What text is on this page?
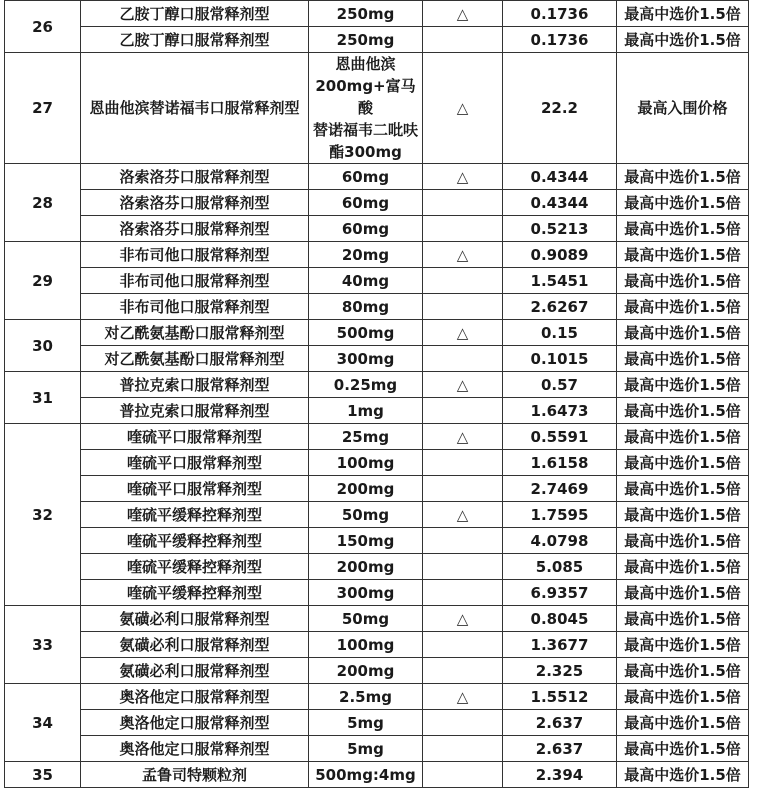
26	乙胺丁醇口服常释剂型	250mg	△	0.1736	最高中选价1.5倍
	乙胺丁醇口服常释剂型	250mg		0.1736	最高中选价1.5倍
27	恩曲他滨替诺福韦口服常释剂型	恩曲他滨
200mg+富马酸
替诺福韦二吡呋
酯300mg	△	22.2	最高入围价格
28	洛索洛芬口服常释剂型	60mg	△	0.4344	最高中选价1.5倍
	洛索洛芬口服常释剂型	60mg		0.4344	最高中选价1.5倍
	洛索洛芬口服常释剂型	60mg		0.5213	最高中选价1.5倍
29	非布司他口服常释剂型	20mg	△	0.9089	最高中选价1.5倍
	非布司他口服常释剂型	40mg		1.5451	最高中选价1.5倍
	非布司他口服常释剂型	80mg		2.6267	最高中选价1.5倍
30	对乙酰氨基酚口服常释剂型	500mg	△	0.15	最高中选价1.5倍
	对乙酰氨基酚口服常释剂型	300mg		0.1015	最高中选价1.5倍
31	普拉克索口服常释剂型	0.25mg	△	0.57	最高中选价1.5倍
	普拉克索口服常释剂型	1mg		1.6473	最高中选价1.5倍
32	喹硫平口服常释剂型	25mg	△	0.5591	最高中选价1.5倍
	喹硫平口服常释剂型	100mg		1.6158	最高中选价1.5倍
	喹硫平口服常释剂型	200mg		2.7469	最高中选价1.5倍
	喹硫平缓释控释剂型	50mg	△	1.7595	最高中选价1.5倍
	喹硫平缓释控释剂型	150mg		4.0798	最高中选价1.5倍
	喹硫平缓释控释剂型	200mg		5.085	最高中选价1.5倍
	喹硫平缓释控释剂型	300mg		6.9357	最高中选价1.5倍
33	氨磺必利口服常释剂型	50mg	△	0.8045	最高中选价1.5倍
	氨磺必利口服常释剂型	100mg		1.3677	最高中选价1.5倍
	氨磺必利口服常释剂型	200mg		2.325	最高中选价1.5倍
34	奥洛他定口服常释剂型	2.5mg	△	1.5512	最高中选价1.5倍
	奥洛他定口服常释剂型	5mg		2.637	最高中选价1.5倍
	奥洛他定口服常释剂型	5mg		2.637	最高中选价1.5倍
35	孟鲁司特颗粒剂	500mg:4mg		2.394	最高中选价1.5倍
